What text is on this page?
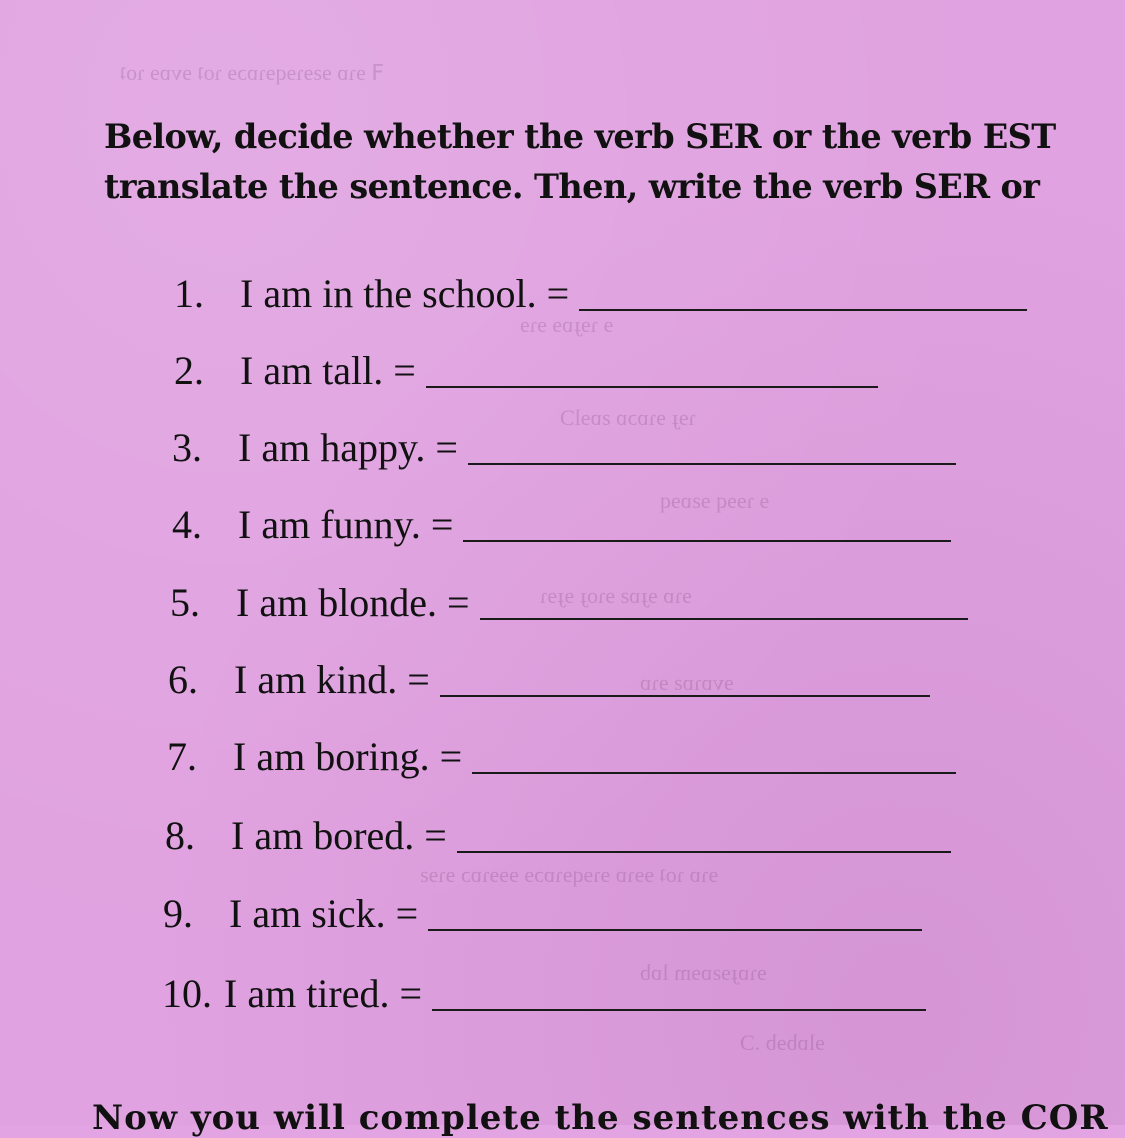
ꟻ ɘɿɒ ɘƨɘɿɘqɘɿɒɔɘ ɿoʇ ɘvɒɘ ɿoʇ
ɘ ɿɘɟɒɘ ɘɿɘ
ɿɘɟ ɘɿɒɔɒ ƨɒɘlƆ
ɘ ɿɘɘq ɘƨɒɘq
ɘɿɒ ɘɟɒƨ ɘɿoɟ ɘɟɘɿ
ɘvɒɿɒƨ ɘɿɒ
ɘɿɒ ɿoʇ ɘɘɿɒ ɘɿɘqɘɿɒɔɘ ɘɘɘɿɒɔ ɘɿɘƨ
ɘɿɒɟɘƨɒɘm lɒb
ɘlɒbɘb .Ɔ
Below, decide whether the verb SER or the verb EST
translate the sentence. Then, write the verb SER or
1. I am in the school. =
2. I am tall. =
3. I am happy. =
4. I am funny. =
5. I am blonde. =
6. I am kind. =
7. I am boring. =
8. I am bored. =
9. I am sick. =
10. I am tired. =
Now you will complete the sentences with the COR
